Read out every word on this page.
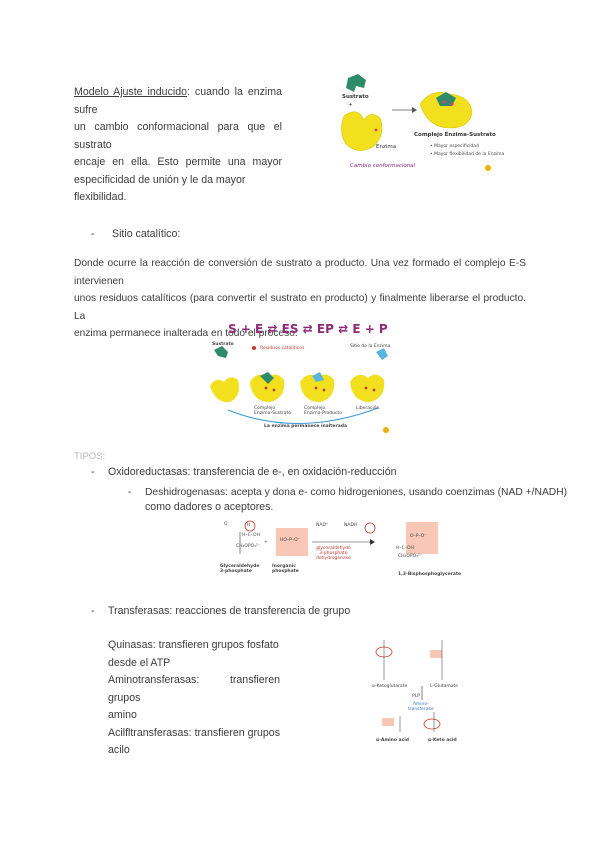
Modelo Ajuste inducido: cuando la enzima sufre
un cambio conformacional para que el sustrato
encaje en ella. Esto permite una mayor
especificidad de unión y le da mayor flexibilidad.
Sustrato
+
Enzima
Complejo Enzima-Sustrato
• Mayor especificidad
• Mayor flexibilidad de la Enzima
Cambio conformacional
- Sitio catalítico:
Donde ocurre la reacción de conversión de sustrato a producto. Una vez formado el complejo E-S intervienen
unos residuos catalíticos (para convertir el sustrato en producto) y finalmente liberarse el producto. La
enzima permanece inalterada en todo el proceso.
S + E ⇄ ES ⇄ EP ⇄ E + P
Sustrato
Residuos catalíticos	Sitio de la Enzima
Complejo Enzima-Sustrato
Complejo Enzima-Producto
Liberación
La enzima permanece inalterada
TIPOS:
- Oxidoreductasas: transferencia de e-, en oxidación-reducción
- Deshidrogenasas: acepta y dona e- como hidrogeniones, usando coenzimas (NAD +/NADH)
como dadores o aceptores.
O	H
H–C–OH
CH₂OPO₃²⁻
+	HO–P–O⁻
NAD⁺	NADH
glyceraldehyde
3-phosphate
dehydrogenase
O–P–O⁻
H–C–OH
CH₂OPO₃²⁻
Glyceraldehyde
3-phosphate
Inorganic
phosphate
1,3-Bisphosphoglycerate
- Transferasas: reacciones de transferencia de grupo
Quinasas: transfieren grupos fosfato
desde el ATP
Aminotransferasas: transfieren grupos
amino
Acilfltransferasas: transfieren grupos
acilo
α-Ketoglutarate	L-Glutamate
PLP
Amino-
transferase
α-Amino acid	α-Keto acid
